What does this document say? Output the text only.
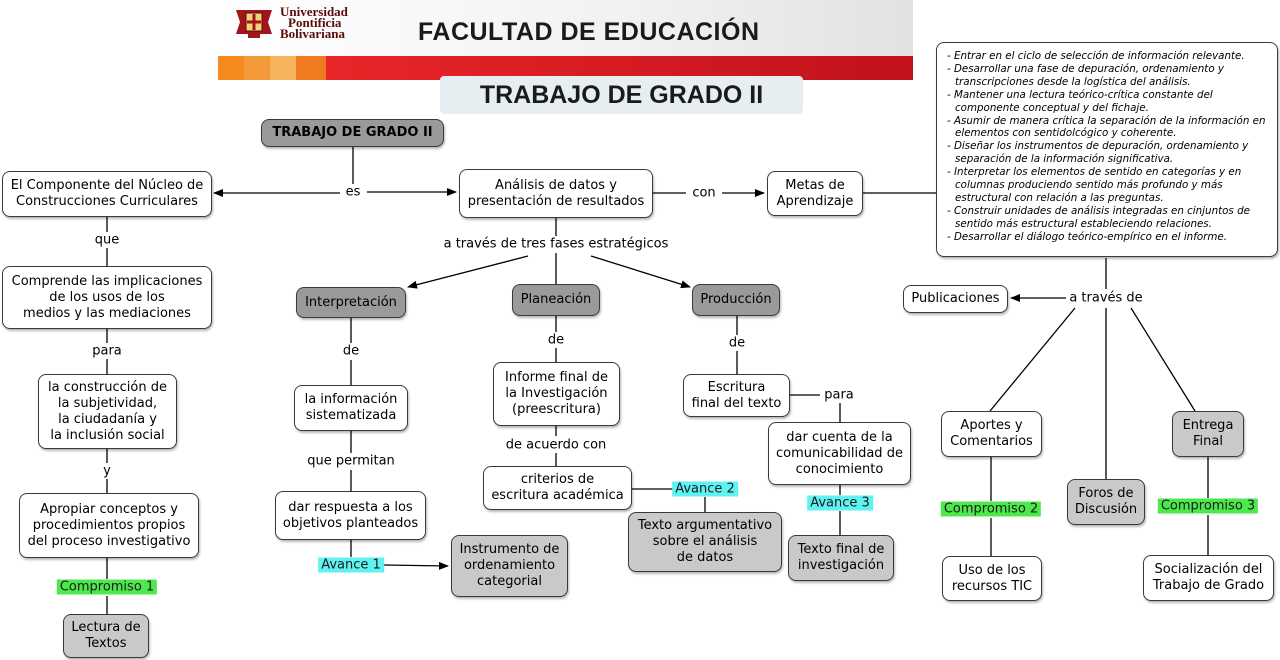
Universidad
Pontificia
Bolivariana	FACULTAD DE EDUCACIÓN
TRABAJO DE GRADO II
TRABAJO DE GRADO II
El Componente del Núcleo de
Construcciones Curriculares
Análisis de datos y
presentación de resultados
Metas de
Aprendizaje
Comprende las implicaciones
de los usos de los
medios y las mediaciones
la construcción de
la subjetividad,
la ciudadanía y
la inclusión social
Apropiar conceptos y
procedimientos propios
del proceso investigativo
Lectura de
Textos
Interpretación	Planeación	Producción
la información
sistematizada
dar respuesta a los
objetivos planteados
Instrumento de
ordenamiento
categorial
Informe final de
la Investigación
(preescritura)
criterios de
escritura académica
Texto argumentativo
sobre el análisis
de datos
Escritura
final del texto
dar cuenta de la
comunicabilidad de
conocimiento
Texto final de
investigación
Publicaciones
Aportes y
Comentarios
Foros de
Discusión
Entrega
Final
Uso de los
recursos TIC
Socialización del
Trabajo de Grado
- Entrar en el ciclo de selección de información relevante.
- Desarrollar una fase de depuración, ordenamiento y transcripciones desde la logística del análisis.
- Mantener una lectura teórico-crítica constante del componente conceptual y del fichaje.
- Asumir de manera crítica la separación de la información en elementos con sentidolcógico y coherente.
- Diseñar los instrumentos de depuración, ordenamiento y separación de la información significativa.
- Interpretar los elementos de sentido en categorías y en columnas produciendo sentido más profundo y más estructural con relación a las preguntas.
- Construir unidades de análisis integradas en cinjuntos de sentido más estructural estableciendo relaciones.
- Desarrollar el diálogo teórico-empírico en el informe.
es	con
que
para
y
a través de tres fases estratégicos
de
de	de
que permitan
de acuerdo con
para
a través de
Avance 1
Avance 2
Avance 3
Compromiso 1
Compromiso 2	Compromiso 3
